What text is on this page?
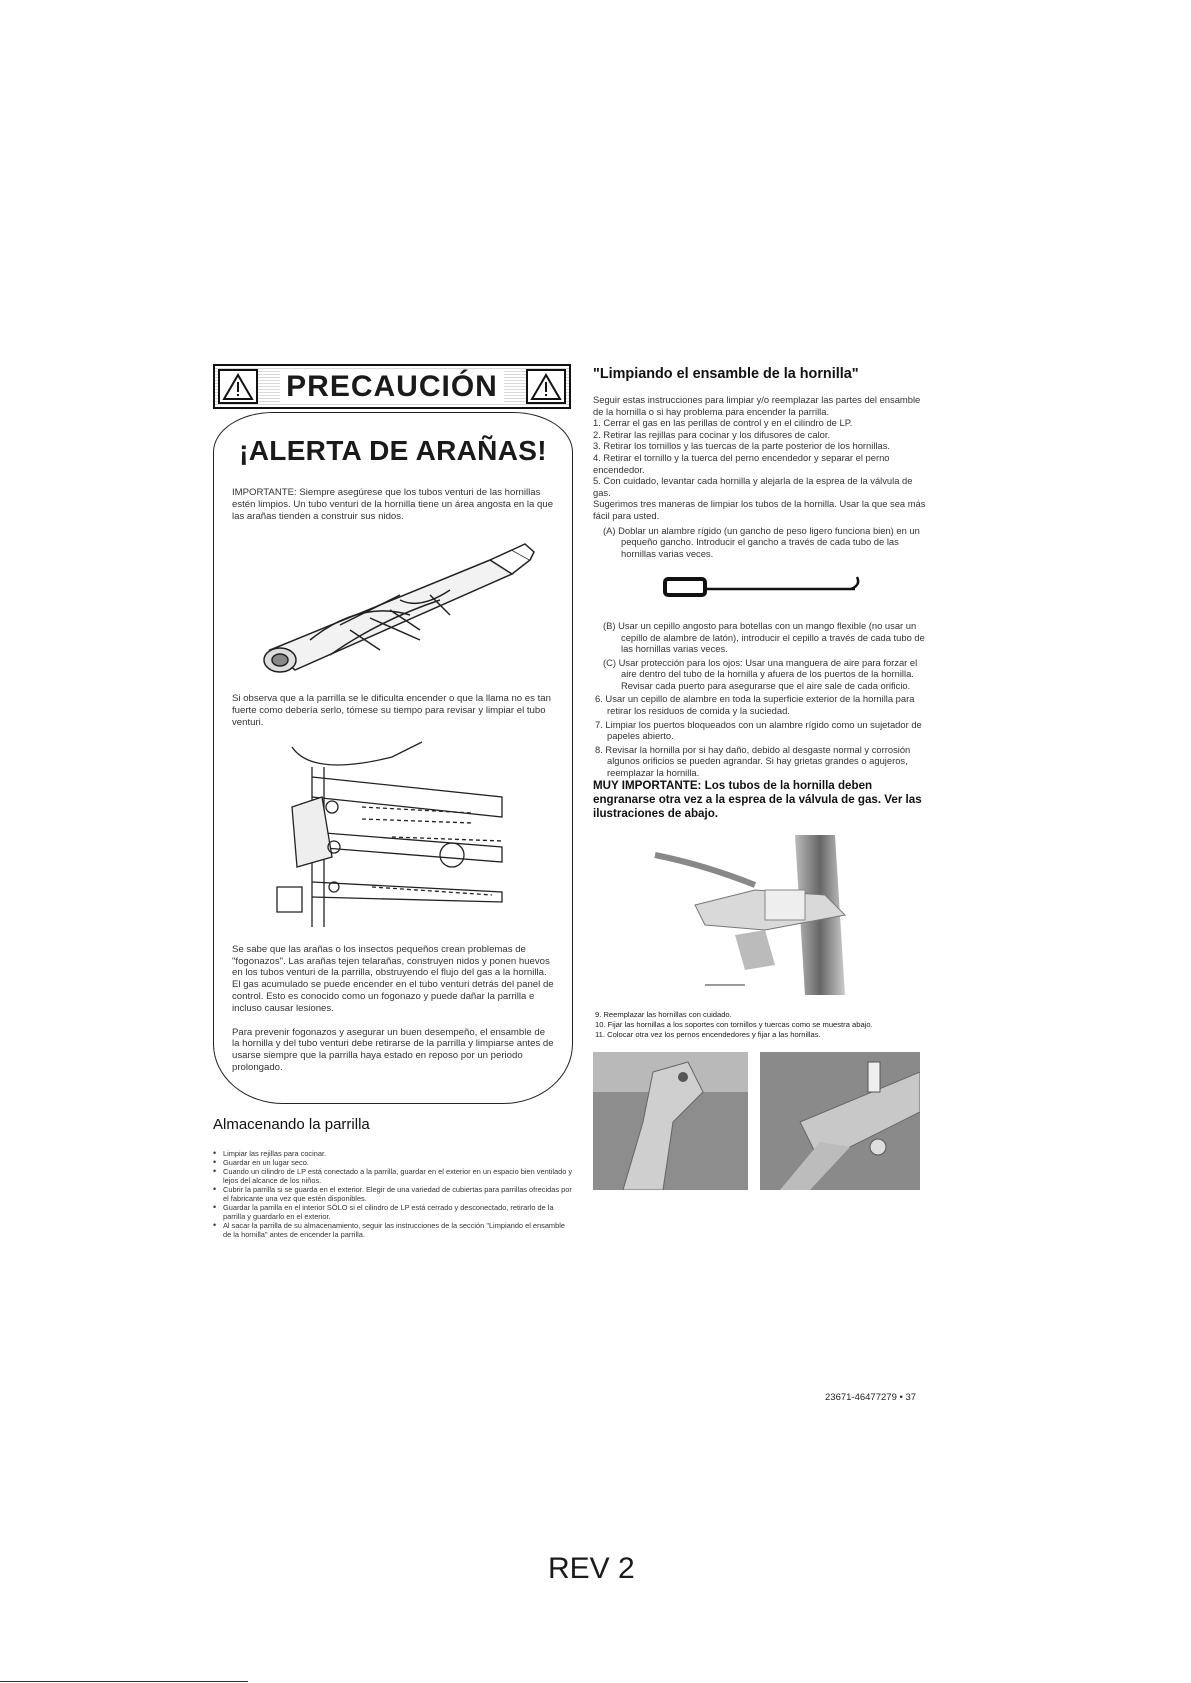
PRECAUCIÓN
¡ALERTA DE ARAÑAS!

IMPORTANTE: Siempre asegúrese que los tubos venturi de las hornillas estén limpios. Un tubo venturi de la hornilla tiene un área angosta en la que las arañas tienden a construir sus nidos.

Si observa que a la parrilla se le dificulta encender o que la llama no es tan fuerte como debería serlo, tómese su tiempo para revisar y limpiar el tubo venturi.

Se sabe que las arañas o los insectos pequeños crean problemas de "fogonazos". Las arañas tejen telarañas, construyen nidos y ponen huevos en los tubos venturi de la parrilla, obstruyendo el flujo del gas a la hornilla. El gas acumulado se puede encender en el tubo venturi detrás del panel de control. Esto es conocido como un fogonazo y puede dañar la parrilla e incluso causar lesiones.

Para prevenir fogonazos y asegurar un buen desempeño, el ensamble de la hornilla y del tubo venturi debe retirarse de la parrilla y limpiarse antes de usarse siempre que la parrilla haya estado en reposo por un periodo prolongado.

Almacenando la parrilla
• Limpiar las rejillas para cocinar.
• Guardar en un lugar seco.
• Cuando un cilindro de LP está conectado a la parrilla, guardar en el exterior en un espacio bien ventilado y lejos del alcance de los niños.
• Cubrir la parrilla si se guarda en el exterior. Elegir de una variedad de cubiertas para parrillas ofrecidas por el fabricante una vez que estén disponibles.
• Guardar la parrilla en el interior SÓLO si el cilindro de LP está cerrado y desconectado, retirarlo de la parrilla y guardarlo en el exterior.
• Al sacar la parrilla de su almacenamiento, seguir las instrucciones de la sección "Limpiando el ensamble de la hornilla" antes de encender la parrilla.
"Limpiando el ensamble de la hornilla"

Seguir estas instrucciones para limpiar y/o reemplazar las partes del ensamble de la hornilla o si hay problema para encender la parrilla.

1. Cerrar el gas en las perillas de control y en el cilindro de LP.

2. Retirar las rejillas para cocinar y los difusores de calor.

3. Retirar los tornillos y las tuercas de la parte posterior de los hornillas.

4. Retirar el tornillo y la tuerca del perno encendedor y separar el perno encendedor.

5. Con cuidado, levantar cada hornilla y alejarla de la esprea de la válvula de gas.

Sugerimos tres maneras de limpiar los tubos de la hornilla. Usar la que sea más fácil para usted.

(A) Doblar un alambre rígido (un gancho de peso ligero funciona bien) en un pequeño gancho. Introducir el gancho a través de cada tubo de las hornillas varias veces.

(B) Usar un cepillo angosto para botellas con un mango flexible (no usar un cepillo de alambre de latón), introducir el cepillo a través de cada tubo de las hornillas varias veces.

(C) Usar protección para los ojos: Usar una manguera de aire para forzar el aire dentro del tubo de la hornilla y afuera de los puertos de la hornilla. Revisar cada puerto para asegurarse que el aire sale de cada orificio.

6. Usar un cepillo de alambre en toda la superficie exterior de la hornilla para retirar los residuos de comida y la suciedad.

7. Limpiar los puertos bloqueados con un alambre rígido como un sujetador de papeles abierto.

8. Revisar la hornilla por si hay daño, debido al desgaste normal y corrosión algunos orificios se pueden agrandar. Si hay grietas grandes o agujeros, reemplazar la hornilla.

MUY IMPORTANTE: Los tubos de la hornilla deben engranarse otra vez a la esprea de la válvula de gas. Ver las ilustraciones de abajo.

9. Reemplazar las hornillas con cuidado.

10. Fijar las hornillas a los soportes con tornillos y tuercas como se muestra abajo.

11. Colocar otra vez los pernos encendedores y fijar a las hornillas.

23671-46477279 • 37
REV 2
